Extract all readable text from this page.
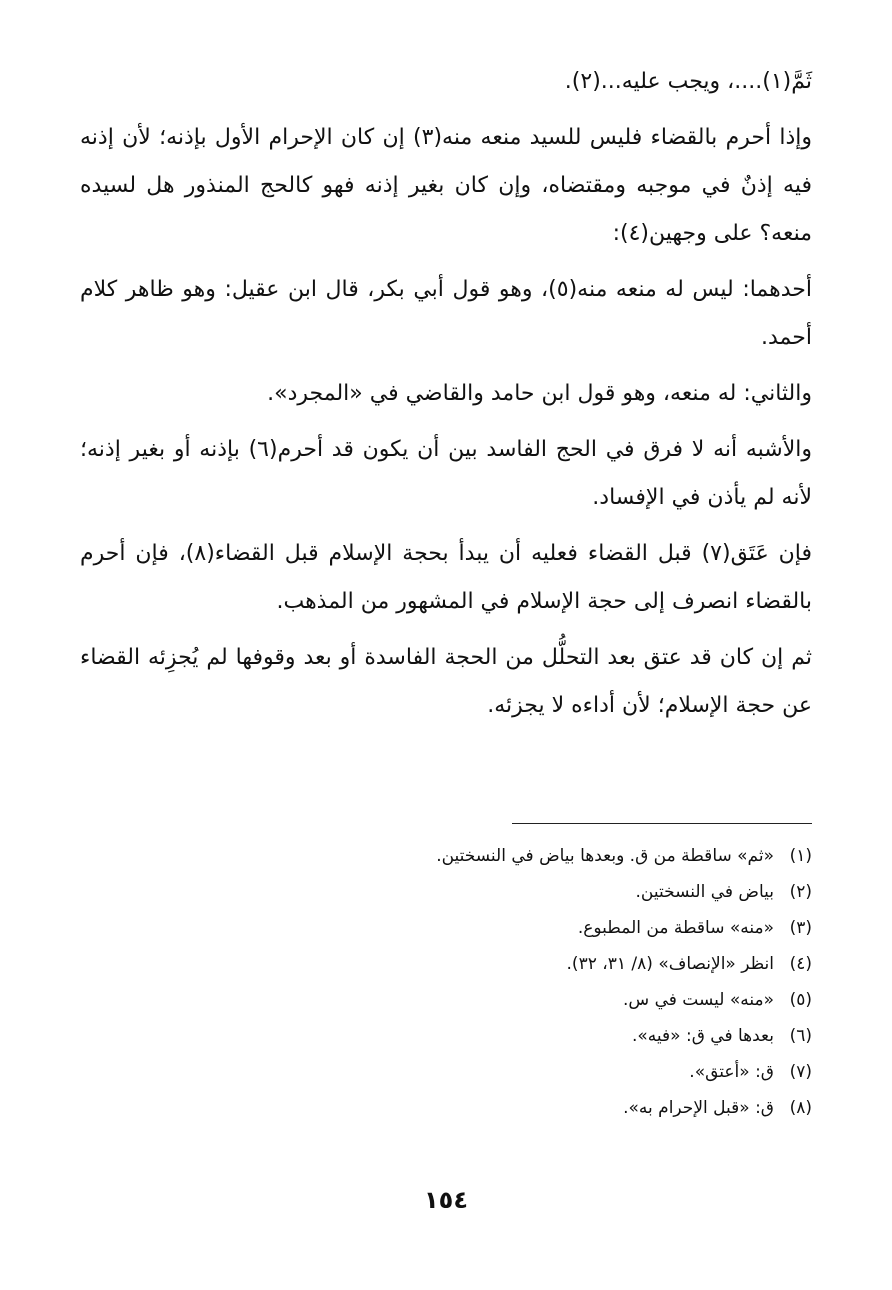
ثَمَّ(١)....، ويجب عليه...(٢).

وإذا أحرم بالقضاء فليس للسيد منعه منه(٣) إن كان الإحرام الأول بإذنه؛ لأن إذنه فيه إذنٌ في موجبه ومقتضاه، وإن كان بغير إذنه فهو كالحج المنذور هل لسيده منعه؟ على وجهين(٤):

أحدهما: ليس له منعه منه(٥)، وهو قول أبي بكر، قال ابن عقيل: وهو ظاهر كلام أحمد.

والثاني: له منعه، وهو قول ابن حامد والقاضي في «المجرد».

والأشبه أنه لا فرق في الحج الفاسد بين أن يكون قد أحرم(٦) بإذنه أو بغير إذنه؛ لأنه لم يأذن في الإفساد.

فإن عَتَق(٧) قبل القضاء فعليه أن يبدأ بحجة الإسلام قبل القضاء(٨)، فإن أحرم بالقضاء انصرف إلى حجة الإسلام في المشهور من المذهب.

ثم إن كان قد عتق بعد التحلُّل من الحجة الفاسدة أو بعد وقوفها لم يُجزِئه القضاء عن حجة الإسلام؛ لأن أداءه لا يجزئه.

(١)«ثم» ساقطة من ق. وبعدها بياض في النسختين.
(٢)بياض في النسختين.
(٣)«منه» ساقطة من المطبوع.
(٤)انظر «الإنصاف» (٨/ ٣١، ٣٢).
(٥)«منه» ليست في س.
(٦)بعدها في ق: «فيه».
(٧)ق: «أعتق».
(٨)ق: «قبل الإحرام به».
١٥٤
